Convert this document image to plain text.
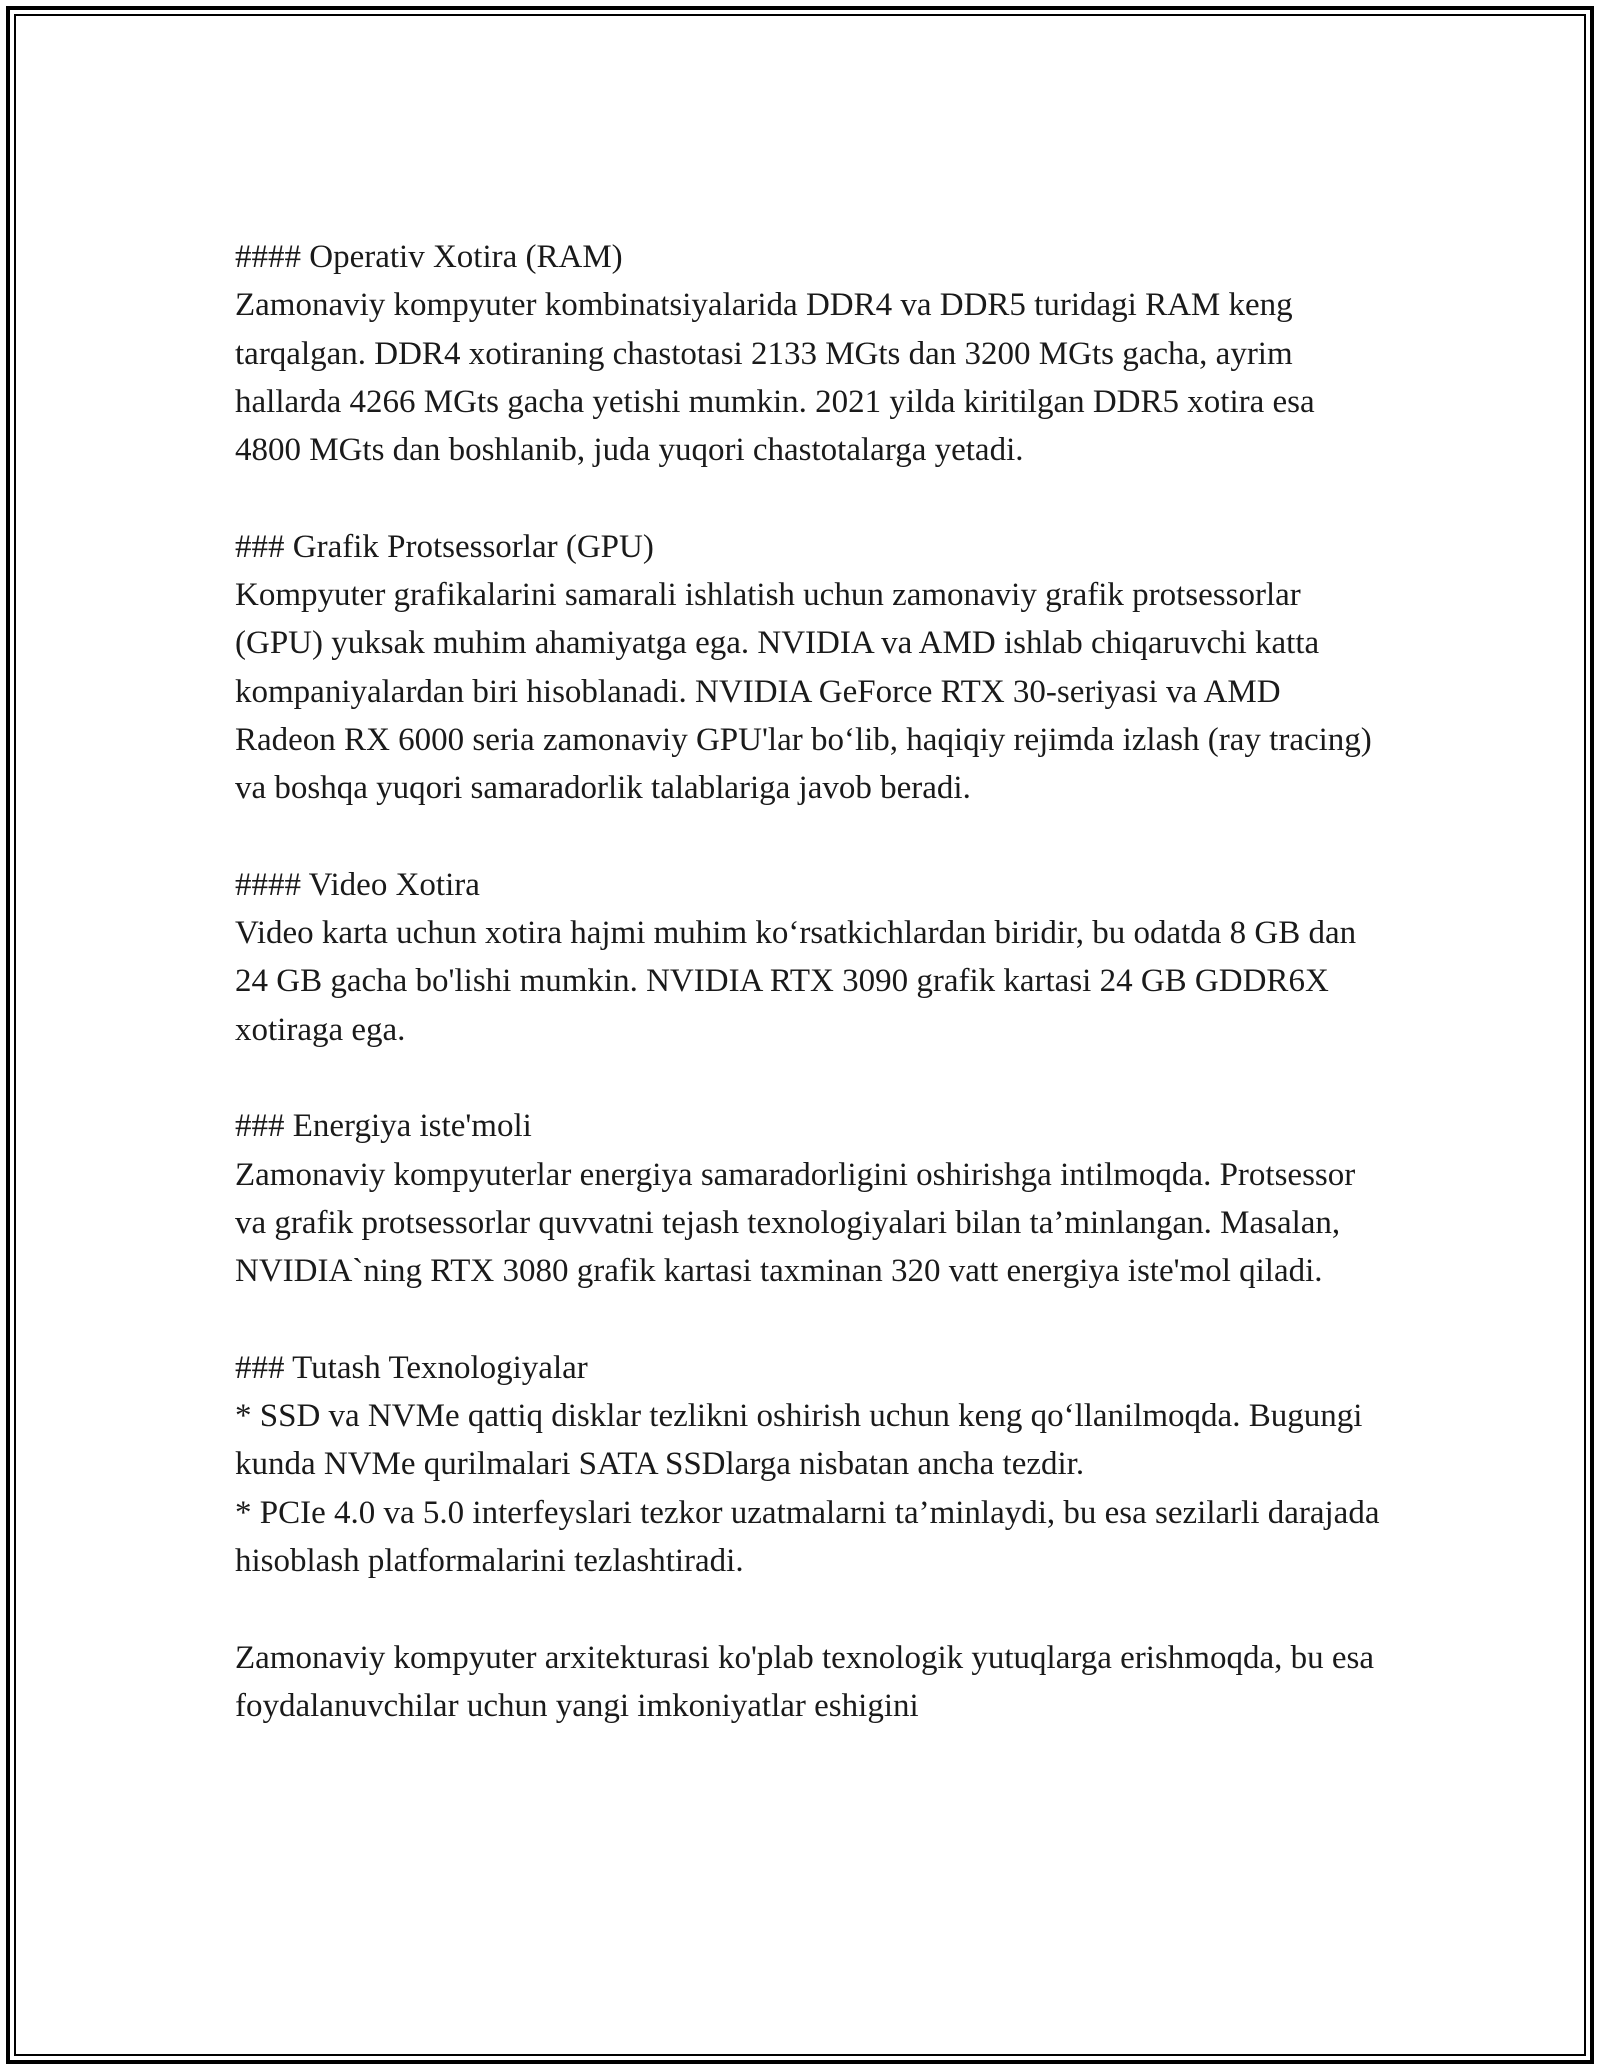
#### Operativ Xotira (RAM)

Zamonaviy kompyuter kombinatsiyalarida DDR4 va DDR5 turidagi RAM keng tarqalgan. DDR4 xotiraning chastotasi 2133 MGts dan 3200 MGts gacha, ayrim hallarda 4266 MGts gacha yetishi mumkin. 2021 yilda kiritilgan DDR5 xotira esa 4800 MGts dan boshlanib, juda yuqori chastotalarga yetadi.

### Grafik Protsessorlar (GPU)

Kompyuter grafikalarini samarali ishlatish uchun zamonaviy grafik protsessorlar (GPU) yuksak muhim ahamiyatga ega. NVIDIA va AMD ishlab chiqaruvchi katta kompaniyalardan biri hisoblanadi. NVIDIA GeForce RTX 30-seriyasi va AMD Radeon RX 6000 seria zamonaviy GPU'lar bo‘lib, haqiqiy rejimda izlash (ray tracing) va boshqa yuqori samaradorlik talablariga javob beradi.

#### Video Xotira

Video karta uchun xotira hajmi muhim ko‘rsatkichlardan biridir, bu odatda 8 GB dan 24 GB gacha bo'lishi mumkin. NVIDIA RTX 3090 grafik kartasi 24 GB GDDR6X xotiraga ega.

### Energiya iste'moli

Zamonaviy kompyuterlar energiya samaradorligini oshirishga intilmoqda. Protsessor va grafik protsessorlar quvvatni tejash texnologiyalari bilan ta’minlangan. Masalan, NVIDIA`ning RTX 3080 grafik kartasi taxminan 320 vatt energiya iste'mol qiladi.

### Tutash Texnologiyalar

* SSD va NVMe qattiq disklar tezlikni oshirish uchun keng qo‘llanilmoqda. Bugungi kunda NVMe qurilmalari SATA SSDlarga nisbatan ancha tezdir.

* PCIe 4.0 va 5.0 interfeyslari tezkor uzatmalarni ta’minlaydi, bu esa sezilarli darajada hisoblash platformalarini tezlashtiradi.

Zamonaviy kompyuter arxitekturasi ko'plab texnologik yutuqlarga erishmoqda, bu esa foydalanuvchilar uchun yangi imkoniyatlar eshigini
